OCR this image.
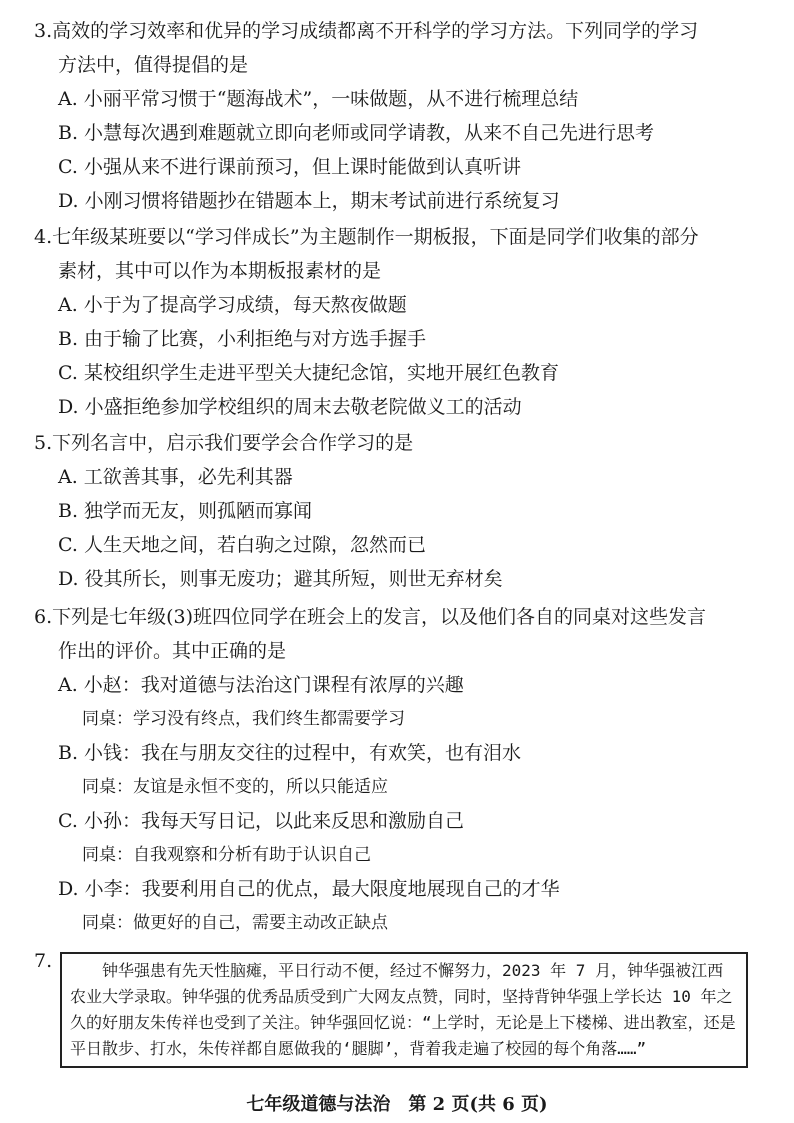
3.高效的学习效率和优异的学习成绩都离不开科学的学习方法。下列同学的学习
方法中，值得提倡的是
A. 小丽平常习惯于“题海战术”，一味做题，从不进行梳理总结
B. 小慧每次遇到难题就立即向老师或同学请教，从来不自己先进行思考
C. 小强从来不进行课前预习，但上课时能做到认真听讲
D. 小刚习惯将错题抄在错题本上，期末考试前进行系统复习
4.七年级某班要以“学习伴成长”为主题制作一期板报，下面是同学们收集的部分
素材，其中可以作为本期板报素材的是
A. 小于为了提高学习成绩，每天熬夜做题
B. 由于输了比赛，小利拒绝与对方选手握手
C. 某校组织学生走进平型关大捷纪念馆，实地开展红色教育
D. 小盛拒绝参加学校组织的周末去敬老院做义工的活动
5.下列名言中，启示我们要学会合作学习的是
A. 工欲善其事，必先利其器
B. 独学而无友，则孤陋而寡闻
C. 人生天地之间，若白驹之过隙，忽然而已
D. 役其所长，则事无废功；避其所短，则世无弃材矣
6.下列是七年级(3)班四位同学在班会上的发言，以及他们各自的同桌对这些发言
作出的评价。其中正确的是
A. 小赵：我对道德与法治这门课程有浓厚的兴趣
同桌：学习没有终点，我们终生都需要学习
B. 小钱：我在与朋友交往的过程中，有欢笑，也有泪水
同桌：友谊是永恒不变的，所以只能适应
C. 小孙：我每天写日记，以此来反思和激励自己
同桌：自我观察和分析有助于认识自己
D. 小李：我要利用自己的优点，最大限度地展现自己的才华
同桌：做更好的自己，需要主动改正缺点
7.	　　钟华强患有先天性脑瘫，平日行动不便，经过不懈努力，2023 年 7 月，钟华强被江西农业大学录取。钟华强的优秀品质受到广大网友点赞，同时，坚持背钟华强上学长达 10 年之久的好朋友朱传祥也受到了关注。钟华强回忆说：“上学时，无论是上下楼梯、进出教室，还是平日散步、打水，朱传祥都自愿做我的‘腿脚’，背着我走遍了校园的每个角落……”
七年级道德与法治　第 2 页(共 6 页)
